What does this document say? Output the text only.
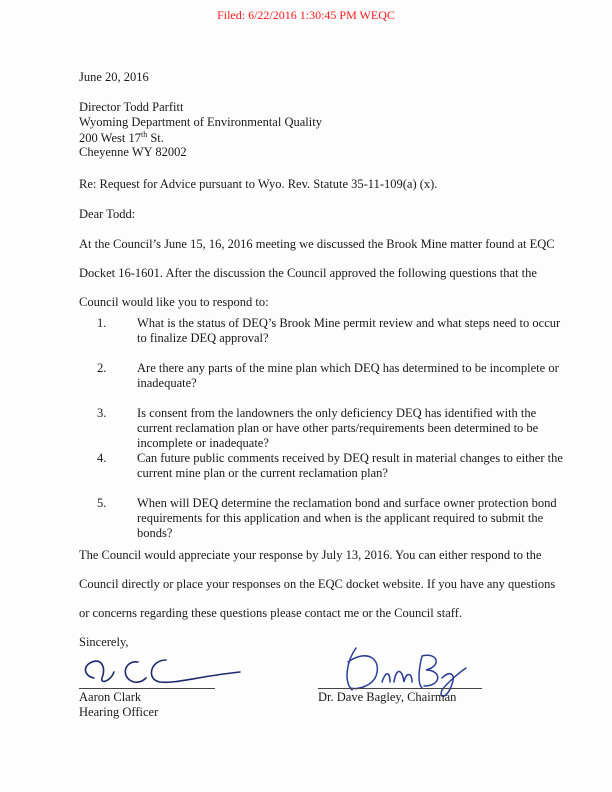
Filed: 6/22/2016 1:30:45 PM WEQC
June 20, 2016
Director Todd Parfitt
Wyoming Department of Environmental Quality
200 West 17th St.
Cheyenne WY 82002
Re: Request for Advice pursuant to Wyo. Rev. Statute 35-11-109(a) (x).
Dear Todd:
At the Council’s June 15, 16, 2016 meeting we discussed the Brook Mine matter found at EQC
Docket 16-1601. After the discussion the Council approved the following questions that the
Council would like you to respond to:
1. What is the status of DEQ’s Brook Mine permit review and what steps need to occur to finalize DEQ approval?
2. Are there any parts of the mine plan which DEQ has determined to be incomplete or inadequate?
3. Is consent from the landowners the only deficiency DEQ has identified with the current reclamation plan or have other parts/requirements been determined to be incomplete or inadequate?
4. Can future public comments received by DEQ result in material changes to either the current mine plan or the current reclamation plan?
5. When will DEQ determine the reclamation bond and surface owner protection bond requirements for this application and when is the applicant required to submit the bonds?
The Council would appreciate your response by July 13, 2016. You can either respond to the
Council directly or place your responses on the EQC docket website. If you have any questions
or concerns regarding these questions please contact me or the Council staff.
Sincerely,
Aaron Clark
Hearing Officer
Dr. Dave Bagley, Chairman
